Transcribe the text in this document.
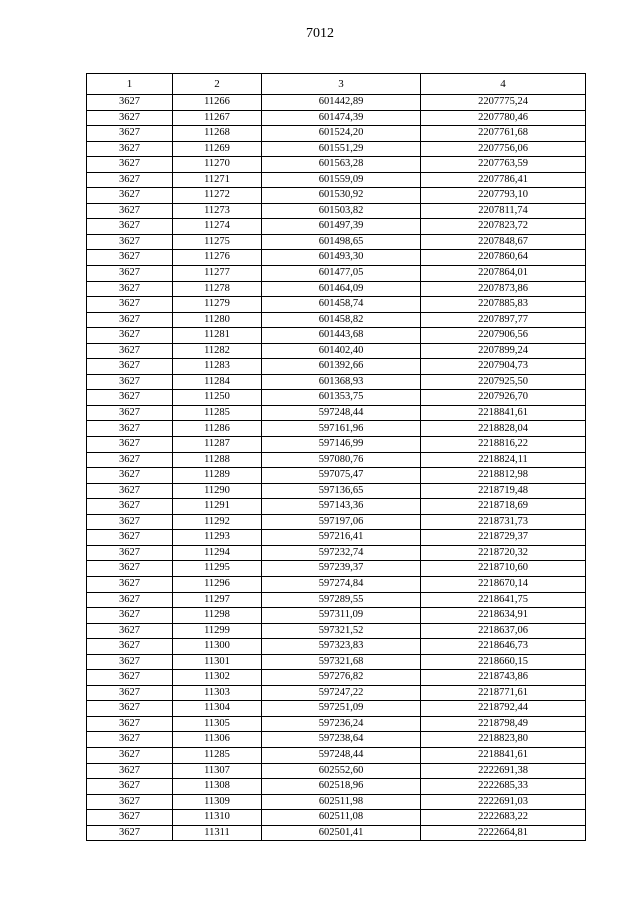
7012
1	2	3	4
3627	11266	601442,89	2207775,24
3627	11267	601474,39	2207780,46
3627	11268	601524,20	2207761,68
3627	11269	601551,29	2207756,06
3627	11270	601563,28	2207763,59
3627	11271	601559,09	2207786,41
3627	11272	601530,92	2207793,10
3627	11273	601503,82	2207811,74
3627	11274	601497,39	2207823,72
3627	11275	601498,65	2207848,67
3627	11276	601493,30	2207860,64
3627	11277	601477,05	2207864,01
3627	11278	601464,09	2207873,86
3627	11279	601458,74	2207885,83
3627	11280	601458,82	2207897,77
3627	11281	601443,68	2207906,56
3627	11282	601402,40	2207899,24
3627	11283	601392,66	2207904,73
3627	11284	601368,93	2207925,50
3627	11250	601353,75	2207926,70
3627	11285	597248,44	2218841,61
3627	11286	597161,96	2218828,04
3627	11287	597146,99	2218816,22
3627	11288	597080,76	2218824,11
3627	11289	597075,47	2218812,98
3627	11290	597136,65	2218719,48
3627	11291	597143,36	2218718,69
3627	11292	597197,06	2218731,73
3627	11293	597216,41	2218729,37
3627	11294	597232,74	2218720,32
3627	11295	597239,37	2218710,60
3627	11296	597274,84	2218670,14
3627	11297	597289,55	2218641,75
3627	11298	597311,09	2218634,91
3627	11299	597321,52	2218637,06
3627	11300	597323,83	2218646,73
3627	11301	597321,68	2218660,15
3627	11302	597276,82	2218743,86
3627	11303	597247,22	2218771,61
3627	11304	597251,09	2218792,44
3627	11305	597236,24	2218798,49
3627	11306	597238,64	2218823,80
3627	11285	597248,44	2218841,61
3627	11307	602552,60	2222691,38
3627	11308	602518,96	2222685,33
3627	11309	602511,98	2222691,03
3627	11310	602511,08	2222683,22
3627	11311	602501,41	2222664,81
